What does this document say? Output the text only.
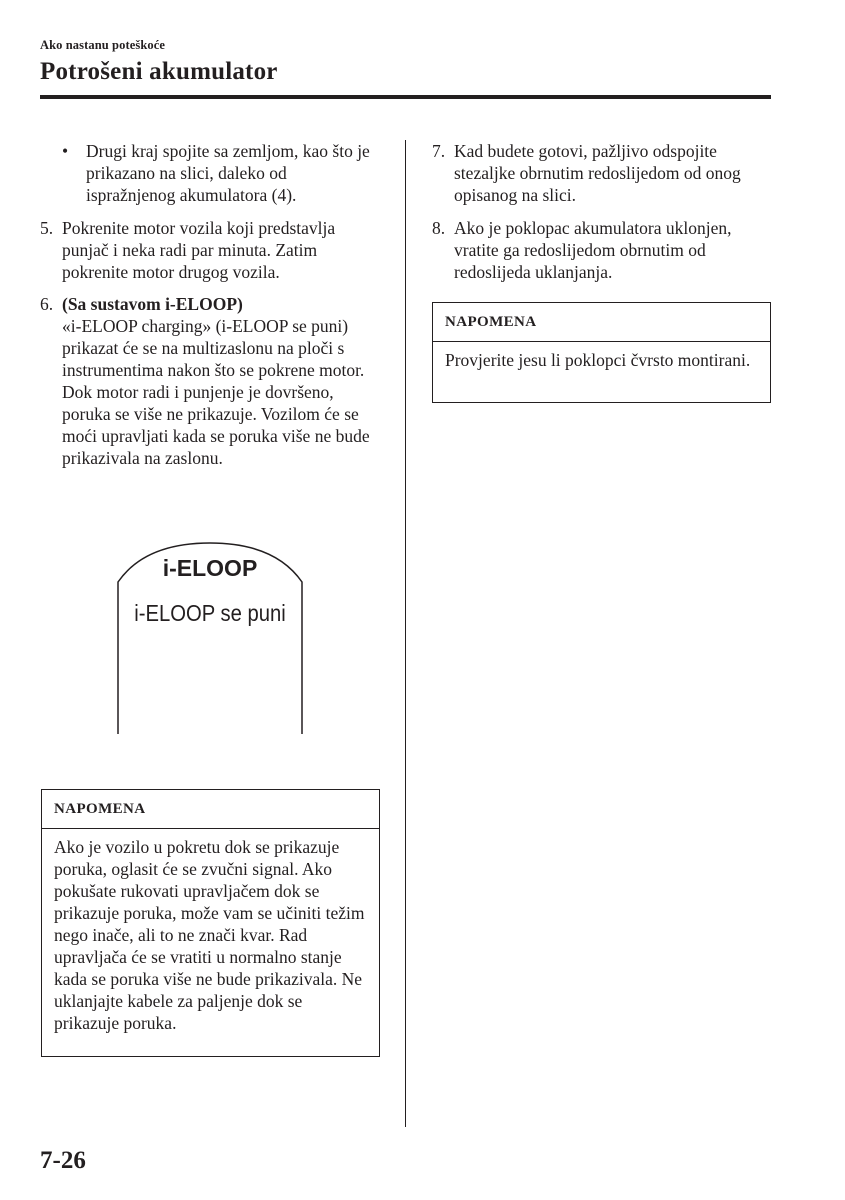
Ako nastanu poteškoće
Potrošeni akumulator
• Drugi kraj spojite sa zemljom, kao što je prikazano na slici, daleko od ispražnjenog akumulatora (4).
5. Pokrenite motor vozila koji predstavlja punjač i neka radi par minuta. Zatim pokrenite motor drugog vozila.
6. (Sa sustavom i-ELOOP)
«i-ELOOP charging» (i-ELOOP se puni) prikazat će se na multizaslonu na ploči s instrumentima nakon što se pokrene motor. Dok motor radi i punjenje je dovršeno, poruka se više ne prikazuje. Vozilom će se moći upravljati kada se poruka više ne bude prikazivala na zaslonu.
i-ELOOP
i-ELOOP se puni
NAPOMENA
Ako je vozilo u pokretu dok se prikazuje poruka, oglasit će se zvučni signal. Ako pokušate rukovati upravljačem dok se prikazuje poruka, može vam se učiniti težim nego inače, ali to ne znači kvar. Rad upravljača će se vratiti u normalno stanje kada se poruka više ne bude prikazivala. Ne uklanjajte kabele za paljenje dok se prikazuje poruka.
7. Kad budete gotovi, pažljivo odspojite stezaljke obrnutim redoslijedom od onog opisanog na slici.
8. Ako je poklopac akumulatora uklonjen, vratite ga redoslijedom obrnutim od redoslijeda uklanjanja.
NAPOMENA
Provjerite jesu li poklopci čvrsto montirani.
7-26
